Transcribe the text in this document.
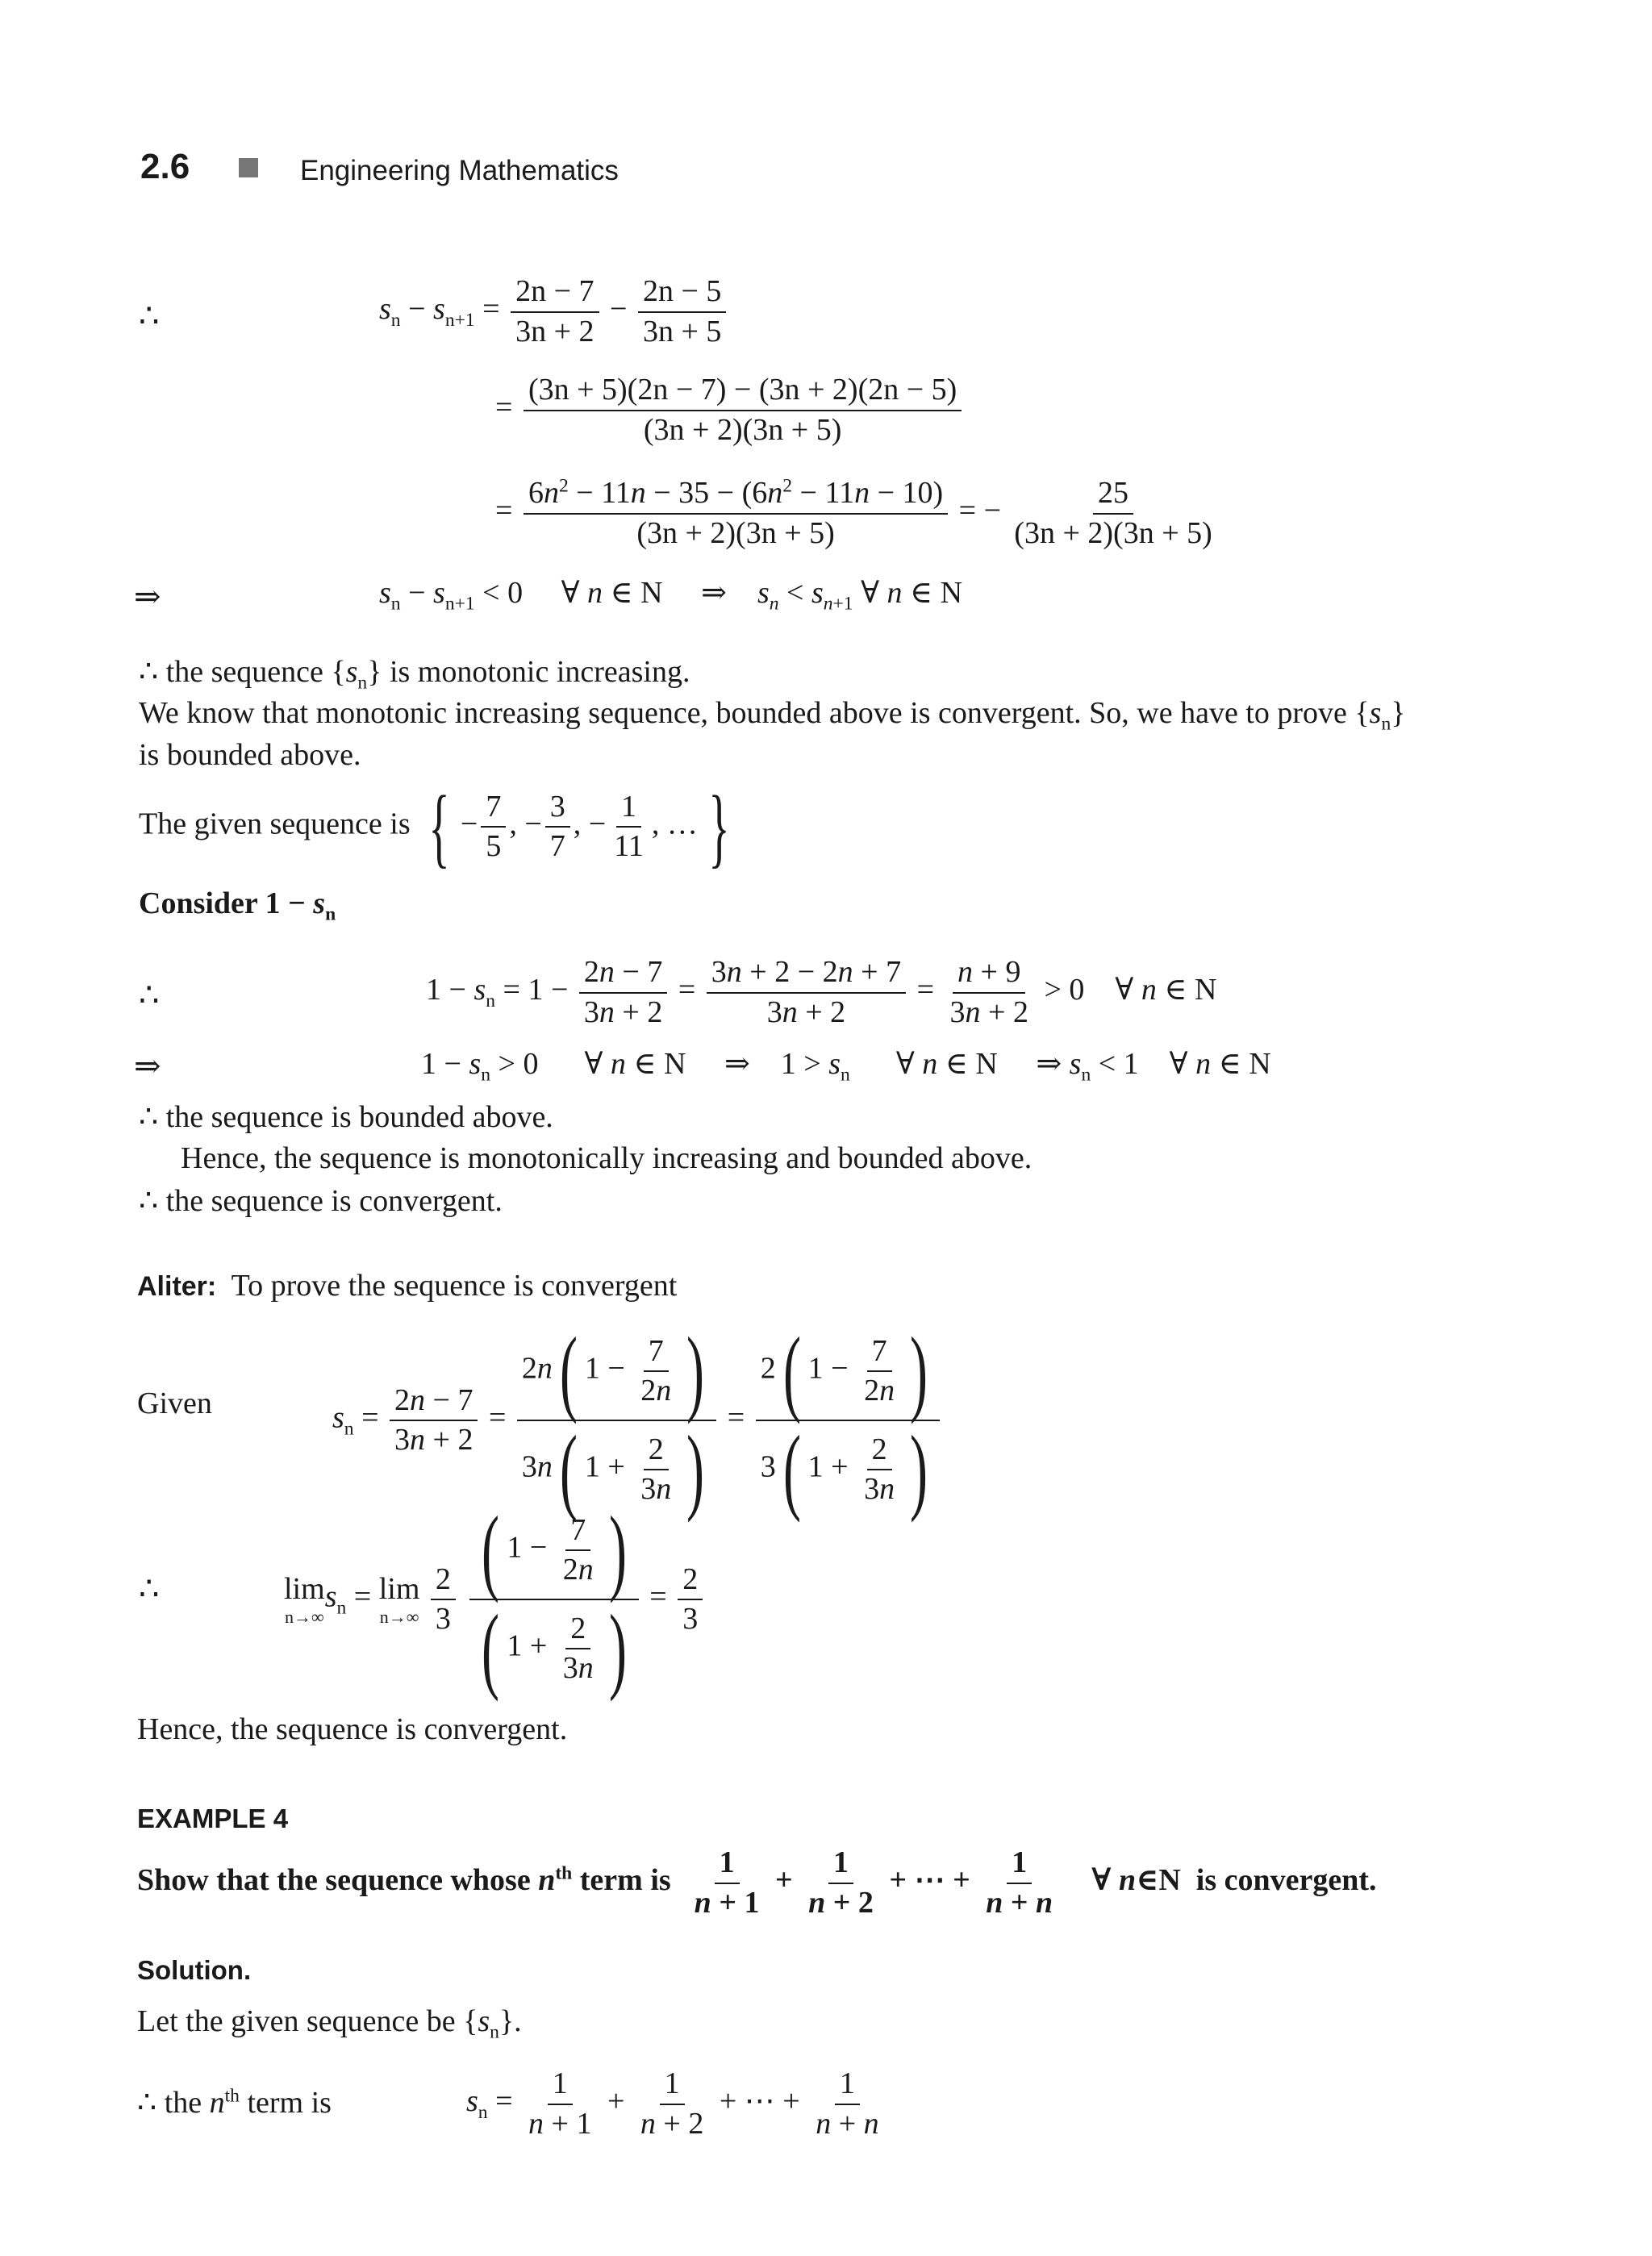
2.6	Engineering Mathematics
∴	$s_n - s_{n+1} = \frac{2n - 7}{3n + 2} - \frac{2n - 5}{3n + 5}$
= $\frac{(3n + 5)(2n - 7) - (3n + 2)(2n - 5)}{(3n + 2)(3n + 5)}$
= $\frac{6n^2 - 11n - 35 - (6n^2 - 11n - 10)}{(3n + 2)(3n + 5)}$ = − $\frac{25}{(3n + 2)(3n + 5)}$
⇒	$s_n - s_{n+1} < 0$     ∀ n ∈ N     ⇒    $s_n < s_{n+1}$ ∀ n ∈ N
∴ the sequence $\{s_n\}$ is monotonic increasing.
We know that monotonic increasing sequence, bounded above is convergent. So, we have to prove $\{s_n\}$
is bounded above.
The given sequence is { − $\frac{7}{5}$ , − $\frac{3}{7}$ , − $\frac{1}{11}$ , … }
Consider $1 - s_n$
∴	$1 - s_n = 1 - \frac{2n - 7}{3n + 2} = \frac{3n + 2 - 2n + 7}{3n + 2} = \frac{n + 9}{3n + 2} > 0$    ∀ n ∈ N
⇒	$1 - s_n > 0$      ∀ n ∈ N     ⇒    $1 > s_n$      ∀ n ∈ N     ⇒ $s_n < 1$    ∀ n ∈ N
∴ the sequence is bounded above.
Hence, the sequence is monotonically increasing and bounded above.
∴ the sequence is convergent.
Aliter: To prove the sequence is convergent
Given	$s_n = \frac{2n - 7}{3n + 2} = \frac{2n( 1 - \frac{7}{2n} )}{3n( 1 + \frac{2}{3n} )} = \frac{2( 1 - \frac{7}{2n} )}{3( 1 + \frac{2}{3n} )}$
∴	lim
n→∞
$s_n = \lim$
n→∞
$\frac{2}{3}$
$\frac{( 1 - \frac{7}{2n} )}{( 1 + \frac{2}{3n} )} = \frac{2}{3}$
Hence, the sequence is convergent.
EXAMPLE 4
Show that the sequence whose $n^{th}$ term is $\frac{1}{n + 1} + \frac{1}{n + 2}$ + ⋯ + $\frac{1}{n + n}$ ∀ n∈N  is convergent.
Solution.
Let the given sequence be $\{s_n\}$.
∴ the $n^{th}$ term is	$s_n = \frac{1}{n + 1} + \frac{1}{n + 2}$ + ⋯ + $\frac{1}{n + n}$
